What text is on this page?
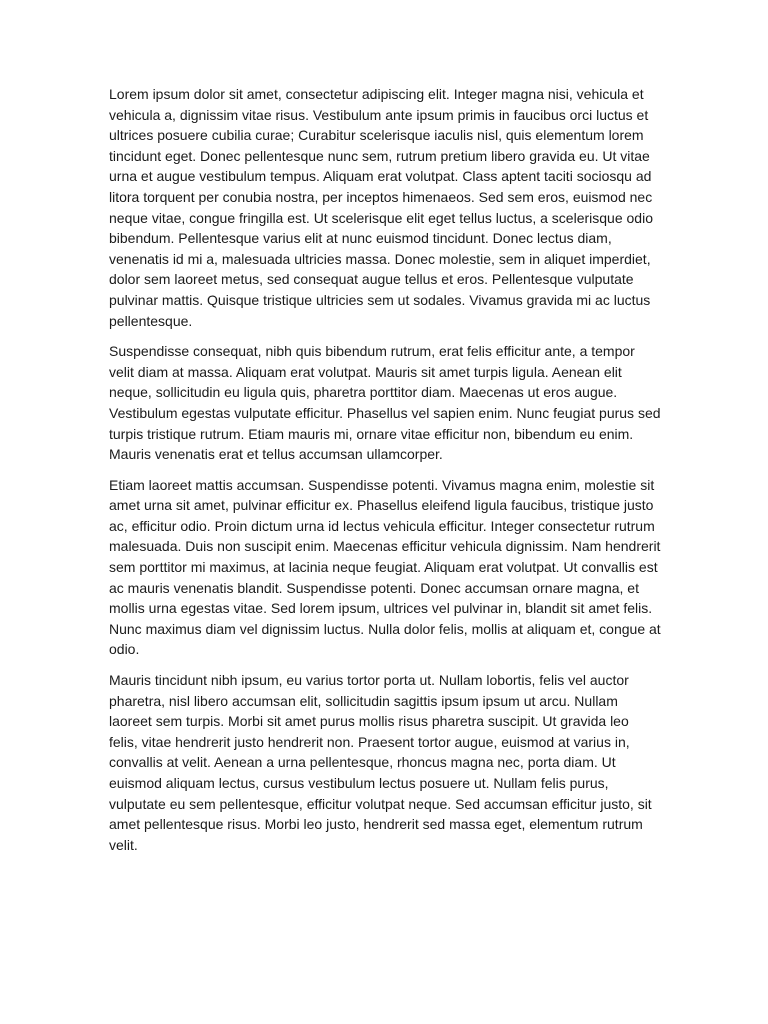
Lorem ipsum dolor sit amet, consectetur adipiscing elit. Integer magna nisi, vehicula et vehicula a, dignissim vitae risus. Vestibulum ante ipsum primis in faucibus orci luctus et ultrices posuere cubilia curae; Curabitur scelerisque iaculis nisl, quis elementum lorem tincidunt eget. Donec pellentesque nunc sem, rutrum pretium libero gravida eu. Ut vitae urna et augue vestibulum tempus. Aliquam erat volutpat. Class aptent taciti sociosqu ad litora torquent per conubia nostra, per inceptos himenaeos. Sed sem eros, euismod nec neque vitae, congue fringilla est. Ut scelerisque elit eget tellus luctus, a scelerisque odio bibendum. Pellentesque varius elit at nunc euismod tincidunt. Donec lectus diam, venenatis id mi a, malesuada ultricies massa. Donec molestie, sem in aliquet imperdiet, dolor sem laoreet metus, sed consequat augue tellus et eros. Pellentesque vulputate pulvinar mattis. Quisque tristique ultricies sem ut sodales. Vivamus gravida mi ac luctus pellentesque.

Suspendisse consequat, nibh quis bibendum rutrum, erat felis efficitur ante, a tempor velit diam at massa. Aliquam erat volutpat. Mauris sit amet turpis ligula. Aenean elit neque, sollicitudin eu ligula quis, pharetra porttitor diam. Maecenas ut eros augue. Vestibulum egestas vulputate efficitur. Phasellus vel sapien enim. Nunc feugiat purus sed turpis tristique rutrum. Etiam mauris mi, ornare vitae efficitur non, bibendum eu enim. Mauris venenatis erat et tellus accumsan ullamcorper.

Etiam laoreet mattis accumsan. Suspendisse potenti. Vivamus magna enim, molestie sit amet urna sit amet, pulvinar efficitur ex. Phasellus eleifend ligula faucibus, tristique justo ac, efficitur odio. Proin dictum urna id lectus vehicula efficitur. Integer consectetur rutrum malesuada. Duis non suscipit enim. Maecenas efficitur vehicula dignissim. Nam hendrerit sem porttitor mi maximus, at lacinia neque feugiat. Aliquam erat volutpat. Ut convallis est ac mauris venenatis blandit. Suspendisse potenti. Donec accumsan ornare magna, et mollis urna egestas vitae. Sed lorem ipsum, ultrices vel pulvinar in, blandit sit amet felis. Nunc maximus diam vel dignissim luctus. Nulla dolor felis, mollis at aliquam et, congue at odio.

Mauris tincidunt nibh ipsum, eu varius tortor porta ut. Nullam lobortis, felis vel auctor pharetra, nisl libero accumsan elit, sollicitudin sagittis ipsum ipsum ut arcu. Nullam laoreet sem turpis. Morbi sit amet purus mollis risus pharetra suscipit. Ut gravida leo felis, vitae hendrerit justo hendrerit non. Praesent tortor augue, euismod at varius in, convallis at velit. Aenean a urna pellentesque, rhoncus magna nec, porta diam. Ut euismod aliquam lectus, cursus vestibulum lectus posuere ut. Nullam felis purus, vulputate eu sem pellentesque, efficitur volutpat neque. Sed accumsan efficitur justo, sit amet pellentesque risus. Morbi leo justo, hendrerit sed massa eget, elementum rutrum velit.
